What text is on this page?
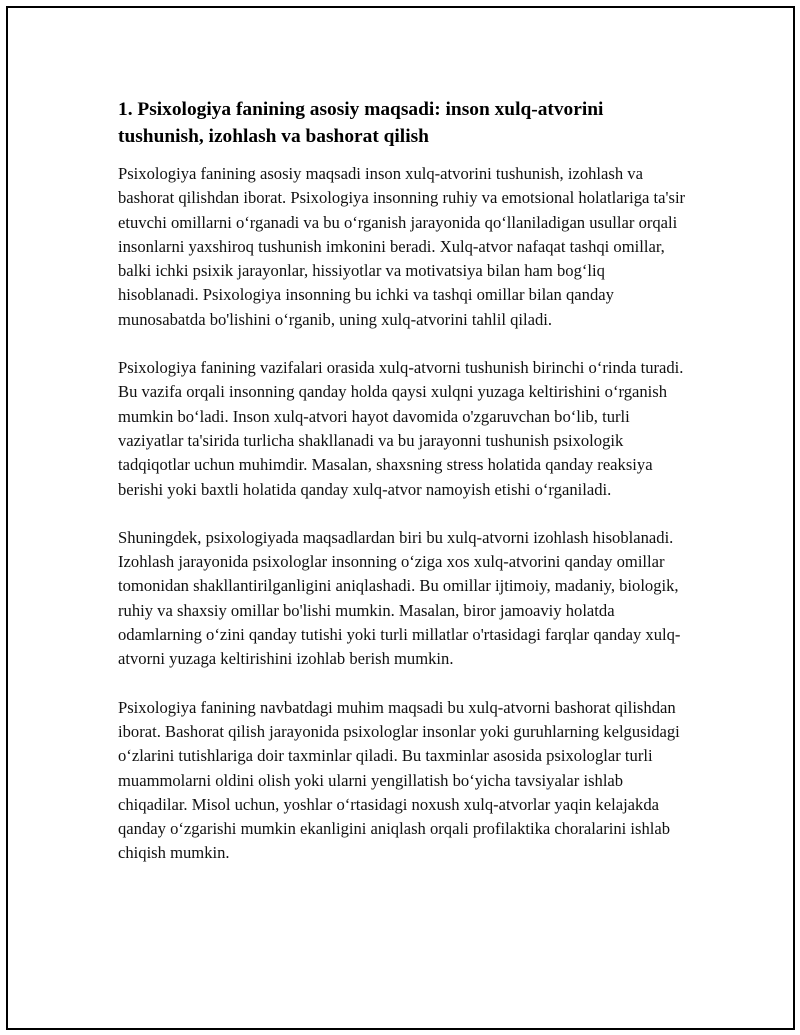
1. Psixologiya fanining asosiy maqsadi: inson xulq-atvorini tushunish, izohlash va bashorat qilish

Psixologiya fanining asosiy maqsadi inson xulq-atvorini tushunish, izohlash va bashorat qilishdan iborat. Psixologiya insonning ruhiy va emotsional holatlariga ta'sir etuvchi omillarni o‘rganadi va bu o‘rganish jarayonida qo‘llaniladigan usullar orqali insonlarni yaxshiroq tushunish imkonini beradi. Xulq-atvor nafaqat tashqi omillar, balki ichki psixik jarayonlar, hissiyotlar va motivatsiya bilan ham bog‘liq hisoblanadi. Psixologiya insonning bu ichki va tashqi omillar bilan qanday munosabatda bo'lishini o‘rganib, uning xulq-atvorini tahlil qiladi.

Psixologiya fanining vazifalari orasida xulq-atvorni tushunish birinchi o‘rinda turadi. Bu vazifa orqali insonning qanday holda qaysi xulqni yuzaga keltirishini o‘rganish mumkin bo‘ladi. Inson xulq-atvori hayot davomida o'zgaruvchan bo‘lib, turli vaziyatlar ta'sirida turlicha shakllanadi va bu jarayonni tushunish psixologik tadqiqotlar uchun muhimdir. Masalan, shaxsning stress holatida qanday reaksiya berishi yoki baxtli holatida qanday xulq-atvor namoyish etishi o‘rganiladi.

Shuningdek, psixologiyada maqsadlardan biri bu xulq-atvorni izohlash hisoblanadi. Izohlash jarayonida psixologlar insonning o‘ziga xos xulq-atvorini qanday omillar tomonidan shakllantirilganligini aniqlashadi. Bu omillar ijtimoiy, madaniy, biologik, ruhiy va shaxsiy omillar bo'lishi mumkin. Masalan, biror jamoaviy holatda odamlarning o‘zini qanday tutishi yoki turli millatlar o'rtasidagi farqlar qanday xulq-atvorni yuzaga keltirishini izohlab berish mumkin.

Psixologiya fanining navbatdagi muhim maqsadi bu xulq-atvorni bashorat qilishdan iborat. Bashorat qilish jarayonida psixologlar insonlar yoki guruhlarning kelgusidagi o‘zlarini tutishlariga doir taxminlar qiladi. Bu taxminlar asosida psixologlar turli muammolarni oldini olish yoki ularni yengillatish bo‘yicha tavsiyalar ishlab chiqadilar. Misol uchun, yoshlar o‘rtasidagi noxush xulq-atvorlar yaqin kelajakda qanday o‘zgarishi mumkin ekanligini aniqlash orqali profilaktika choralarini ishlab chiqish mumkin.
